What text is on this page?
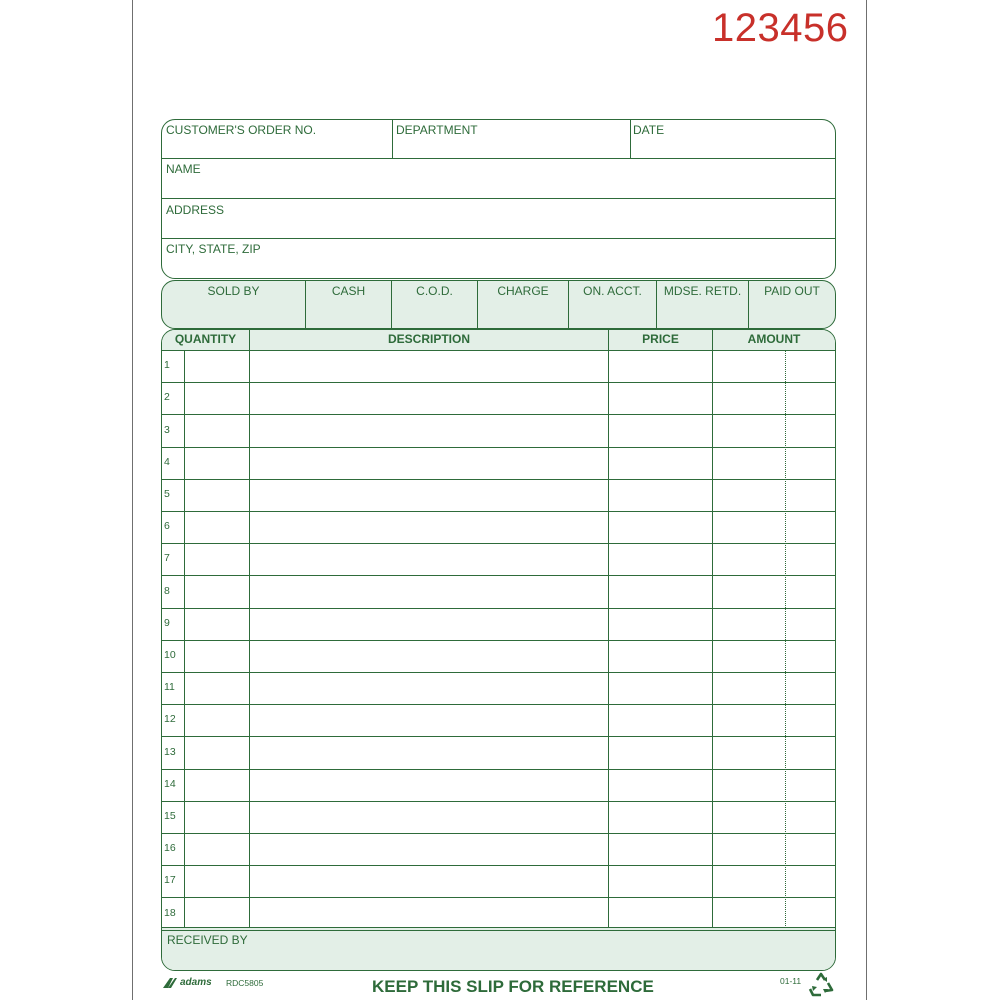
123456
CUSTOMER'S ORDER NO.	DEPARTMENT	DATE
NAME
ADDRESS
CITY, STATE, ZIP
SOLD BY	CASH	C.O.D.	CHARGE	ON. ACCT.	MDSE. RETD.	PAID OUT
QUANTITY	DESCRIPTION	PRICE	AMOUNT
1
2
3
4
5
6
7
8
9
10
11
12
13
14
15
16
17
18
RECEIVED BY
adams RDC5805	KEEP THIS SLIP FOR REFERENCE	01-11
